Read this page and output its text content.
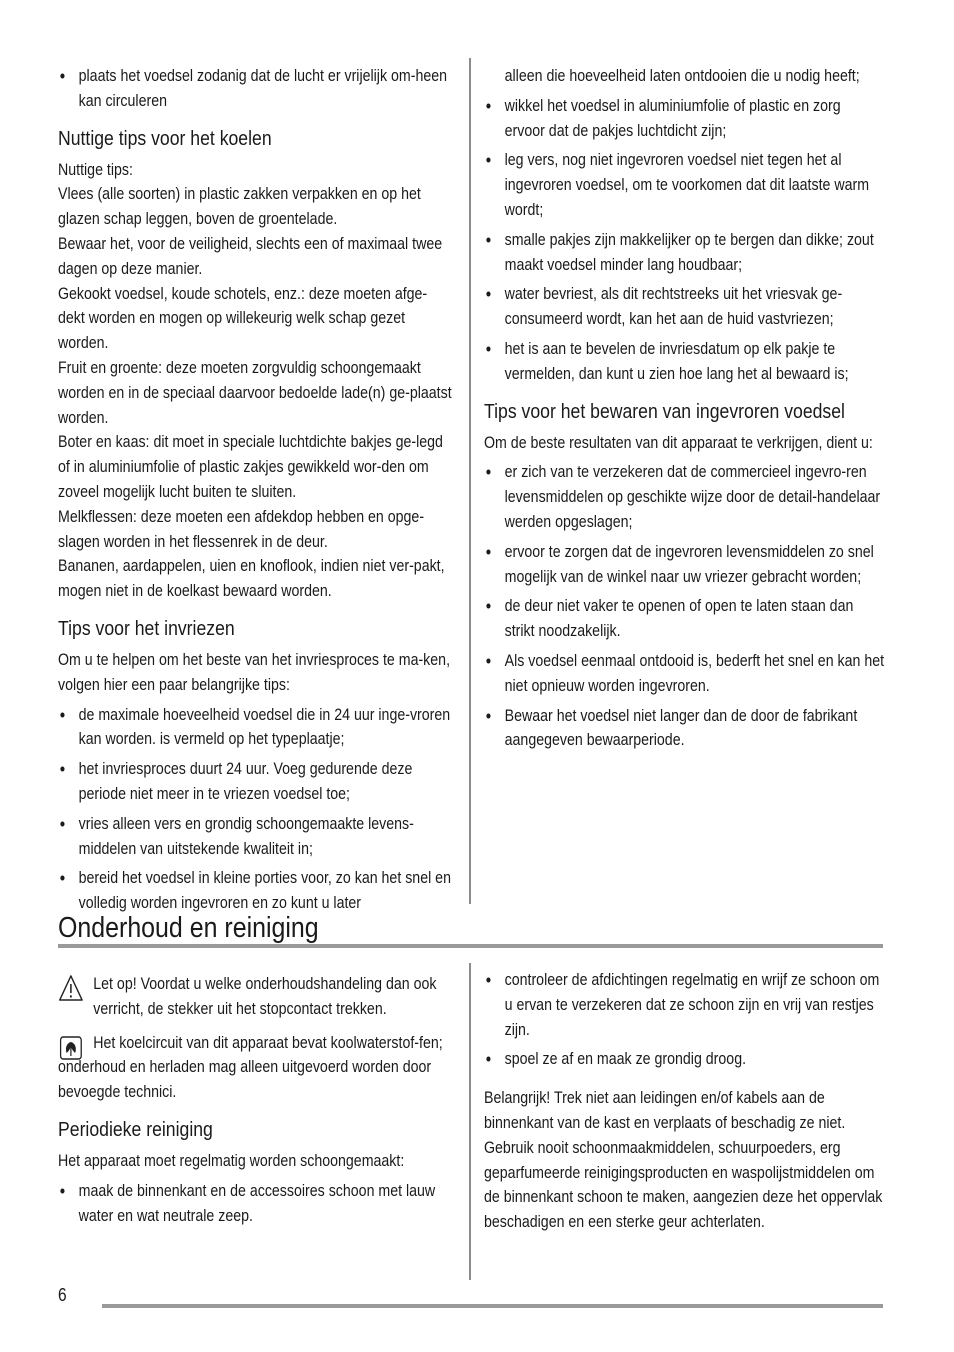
• plaats het voedsel zodanig dat de lucht er vrijelijk om-heen kan circuleren
Nuttige tips voor het koelen

Nuttige tips:

Vlees (alle soorten) in plastic zakken verpakken en op het glazen schap leggen, boven de groentelade.

Bewaar het, voor de veiligheid, slechts een of maximaal twee dagen op deze manier.

Gekookt voedsel, koude schotels, enz.: deze moeten afge-dekt worden en mogen op willekeurig welk schap gezet worden.

Fruit en groente: deze moeten zorgvuldig schoongemaakt worden en in de speciaal daarvoor bedoelde lade(n) ge-plaatst worden.

Boter en kaas: dit moet in speciale luchtdichte bakjes ge-legd of in aluminiumfolie of plastic zakjes gewikkeld wor-den om zoveel mogelijk lucht buiten te sluiten.

Melkflessen: deze moeten een afdekdop hebben en opge-slagen worden in het flessenrek in de deur.

Bananen, aardappelen, uien en knoflook, indien niet ver-pakt, mogen niet in de koelkast bewaard worden.

Tips voor het invriezen

Om u te helpen om het beste van het invriesproces te ma-ken, volgen hier een paar belangrijke tips:

• de maximale hoeveelheid voedsel die in 24 uur inge-vroren kan worden. is vermeld op het typeplaatje;
• het invriesproces duurt 24 uur. Voeg gedurende deze periode niet meer in te vriezen voedsel toe;
• vries alleen vers en grondig schoongemaakte levens-middelen van uitstekende kwaliteit in;
• bereid het voedsel in kleine porties voor, zo kan het snel en volledig worden ingevroren en zo kunt u later

alleen die hoeveelheid laten ontdooien die u nodig heeft;

• wikkel het voedsel in aluminiumfolie of plastic en zorg ervoor dat de pakjes luchtdicht zijn;
• leg vers, nog niet ingevroren voedsel niet tegen het al ingevroren voedsel, om te voorkomen dat dit laatste warm wordt;
• smalle pakjes zijn makkelijker op te bergen dan dikke; zout maakt voedsel minder lang houdbaar;
• water bevriest, als dit rechtstreeks uit het vriesvak ge-consumeerd wordt, kan het aan de huid vastvriezen;
• het is aan te bevelen de invriesdatum op elk pakje te vermelden, dan kunt u zien hoe lang het al bewaard is;
Tips voor het bewaren van ingevroren voedsel

Om de beste resultaten van dit apparaat te verkrijgen, dient u:

• er zich van te verzekeren dat de commercieel ingevro-ren levensmiddelen op geschikte wijze door de detail-handelaar werden opgeslagen;
• ervoor te zorgen dat de ingevroren levensmiddelen zo snel mogelijk van de winkel naar uw vriezer gebracht worden;
• de deur niet vaker te openen of open te laten staan dan strikt noodzakelijk.
• Als voedsel eenmaal ontdooid is, bederft het snel en kan het niet opnieuw worden ingevroren.
• Bewaar het voedsel niet langer dan de door de fabrikant aangegeven bewaarperiode.
Onderhoud en reiniging

Let op! Voordat u welke onderhoudshandeling dan ook verricht, de stekker uit het stopcontact trekken.

Het koelcircuit van dit apparaat bevat koolwaterstof-fen; onderhoud en herladen mag alleen uitgevoerd worden door bevoegde technici.

Periodieke reiniging

Het apparaat moet regelmatig worden schoongemaakt:

• maak de binnenkant en de accessoires schoon met lauw water en wat neutrale zeep.
• controleer de afdichtingen regelmatig en wrijf ze schoon om u ervan te verzekeren dat ze schoon zijn en vrij van restjes zijn.
• spoel ze af en maak ze grondig droog.

Belangrijk! Trek niet aan leidingen en/of kabels aan de binnenkant van de kast en verplaats of beschadig ze niet. Gebruik nooit schoonmaakmiddelen, schuurpoeders, erg geparfumeerde reinigingsproducten en waspolijstmiddelen om de binnenkant schoon te maken, aangezien deze het oppervlak beschadigen en een sterke geur achterlaten.

6
